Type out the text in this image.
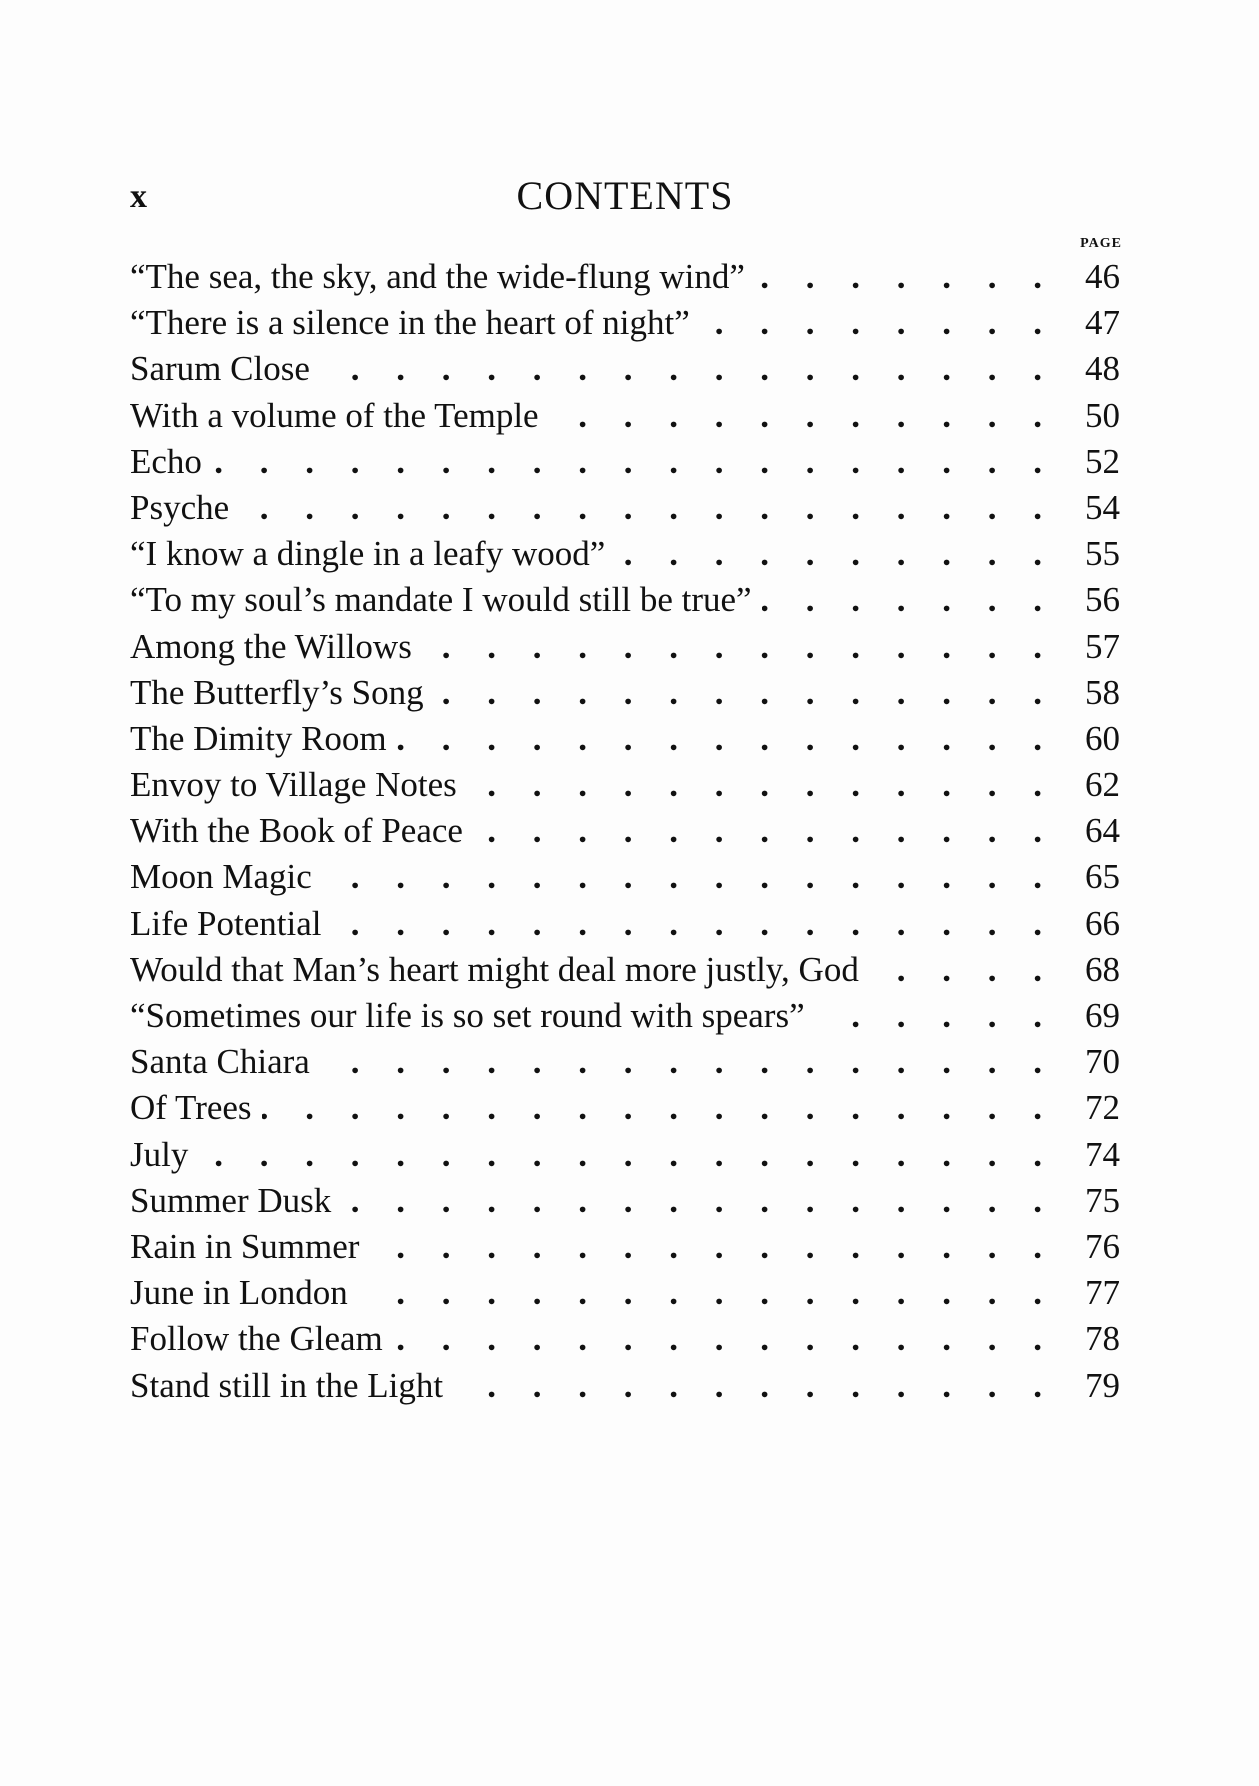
x	CONTENTS
PAGE
“The sea, the sky, and the wide-flung wind” . . .	46
“There is a silence in the heart of night” . . .	47
Sarum Close . . .	48
With a volume of the Temple . . .	50
Echo . . .	52
Psyche . . .	54
“I know a dingle in a leafy wood” . . .	55
“To my soul’s mandate I would still be true” . . .	56
Among the Willows . . .	57
The Butterfly’s Song . . .	58
The Dimity Room . . .	60
Envoy to Village Notes . . .	62
With the Book of Peace . . .	64
Moon Magic . . .	65
Life Potential . . .	66
Would that Man’s heart might deal more justly, God . . .	68
“Sometimes our life is so set round with spears” . . .	69
Santa Chiara . . .	70
Of Trees . . .	72
July . . .	74
Summer Dusk . . .	75
Rain in Summer . . .	76
June in London . . .	77
Follow the Gleam . . .	78
Stand still in the Light . . .	79
